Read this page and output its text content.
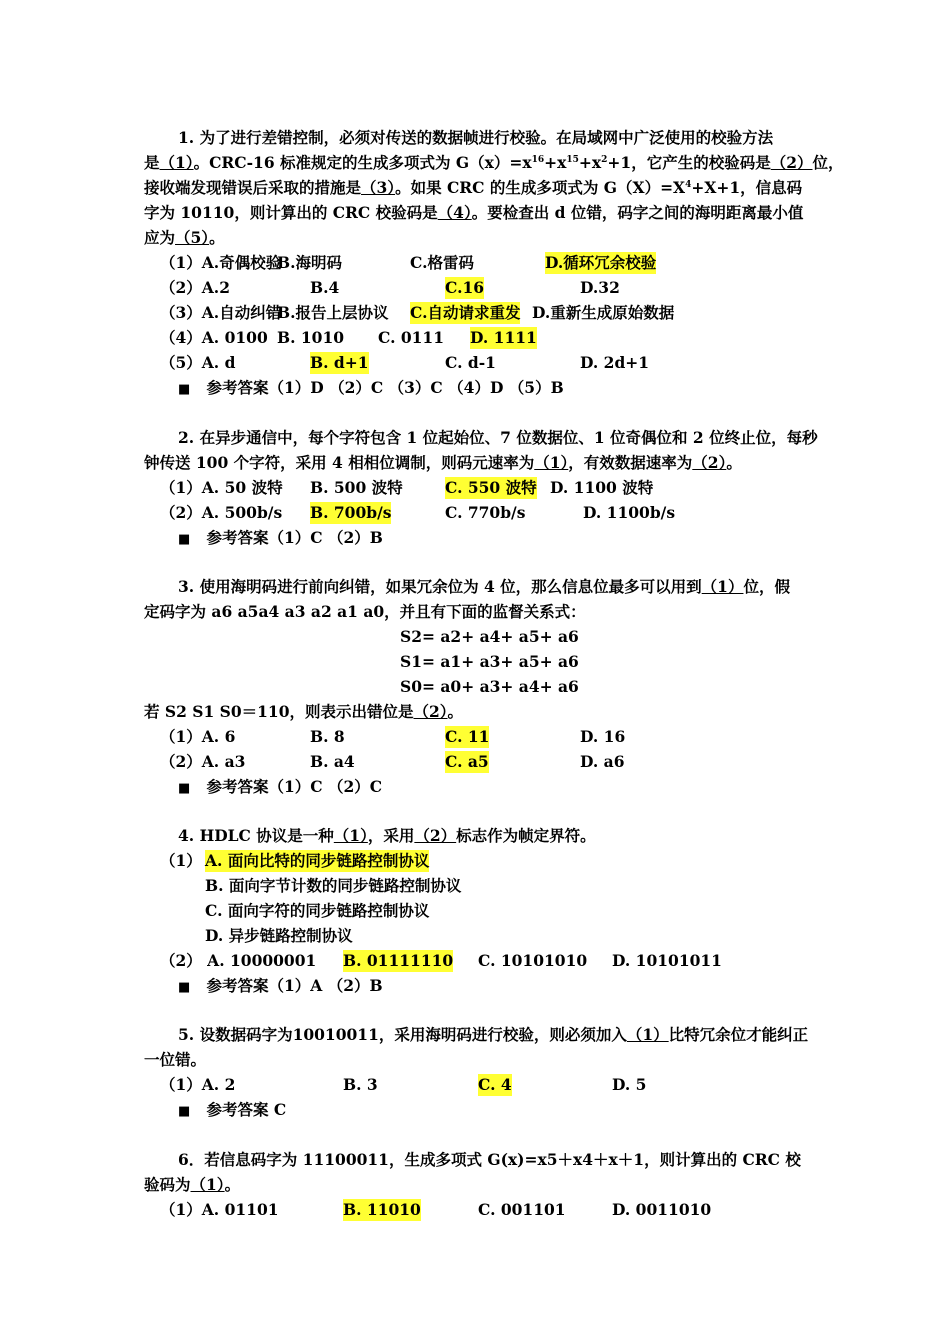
1. 为了进行差错控制，必须对传送的数据帧进行校验。在局域网中广泛使用的校验方法
是（1）。CRC-16 标准规定的生成多项式为 $G(x)=x^{16}+x^{15}+x^2+1$，它产生的校验码是（2）位，
接收端发现错误后采取的措施是（3）。如果 CRC 的生成多项式为 $G(X)=X^4+X+1$，信息码
字为 10110，则计算出的 CRC 校验码是（4）。要检查出 d 位错，码字之间的海明距离最小值
应为（5）。
（1）A.奇偶校验
B.海明码	C.格雷码	D.循环冗余校验
（2）A.2	B.4	C.16	D.32
（3）A.自动纠错
B.报告上层协议 C.自动请求重发 D.重新生成原始数据
（4）A. 0100 B. 1010 C. 0111 D. 1111
（5）A. d	B. d+1	C. d-1	D. 2d+1
■ 参考答案（1）D （2）C （3）C （4）D （5）B
2. 在异步通信中，每个字符包含 1 位起始位、7 位数据位、1 位奇偶位和 2 位终止位，每秒
钟传送 100 个字符，采用 4 相相位调制，则码元速率为（1），有效数据速率为（2）。
（1）A. 50 波特 B. 500 波特	C. 550 波特 D. 1100 波特
（2）A. 500b/s B. 700b/s	C. 770b/s	D. 1100b/s
■ 参考答案（1）C （2）B
3. 使用海明码进行前向纠错，如果冗余位为 4 位，那么信息位最多可以用到（1）位，假
定码字为 a6 a5a4 a3 a2 a1 a0，并且有下面的监督关系式：
S2= a2+ a4+ a5+ a6
S1= a1+ a3+ a5+ a6
S0= a0+ a3+ a4+ a6
若 S2 S1 S0＝110，则表示出错位是（2）。
（1）A. 6	B. 8	C. 11	D. 16
（2）A. a3	B. a4	C. a5	D. a6
■ 参考答案（1）C （2）C
4. HDLC 协议是一种（1），采用（2）标志作为帧定界符。
（1） A. 面向比特的同步链路控制协议
B. 面向字节计数的同步链路控制协议
C. 面向字符的同步链路控制协议
D. 异步链路控制协议
（2） A. 10000001 B. 01111110 C. 10101010 D. 10101011
■ 参考答案（1）A （2）B
5. 设数据码字为10010011，采用海明码进行校验，则必须加入（1）比特冗余位才能纠正
一位错。
（1）A. 2	B. 3	C. 4	D. 5
■ 参考答案 C
6．若信息码字为 11100011，生成多项式 G(x)=x5＋x4＋x＋1，则计算出的 CRC 校
验码为（1）。
（1）A. 01101	B. 11010	C. 001101	D. 0011010
